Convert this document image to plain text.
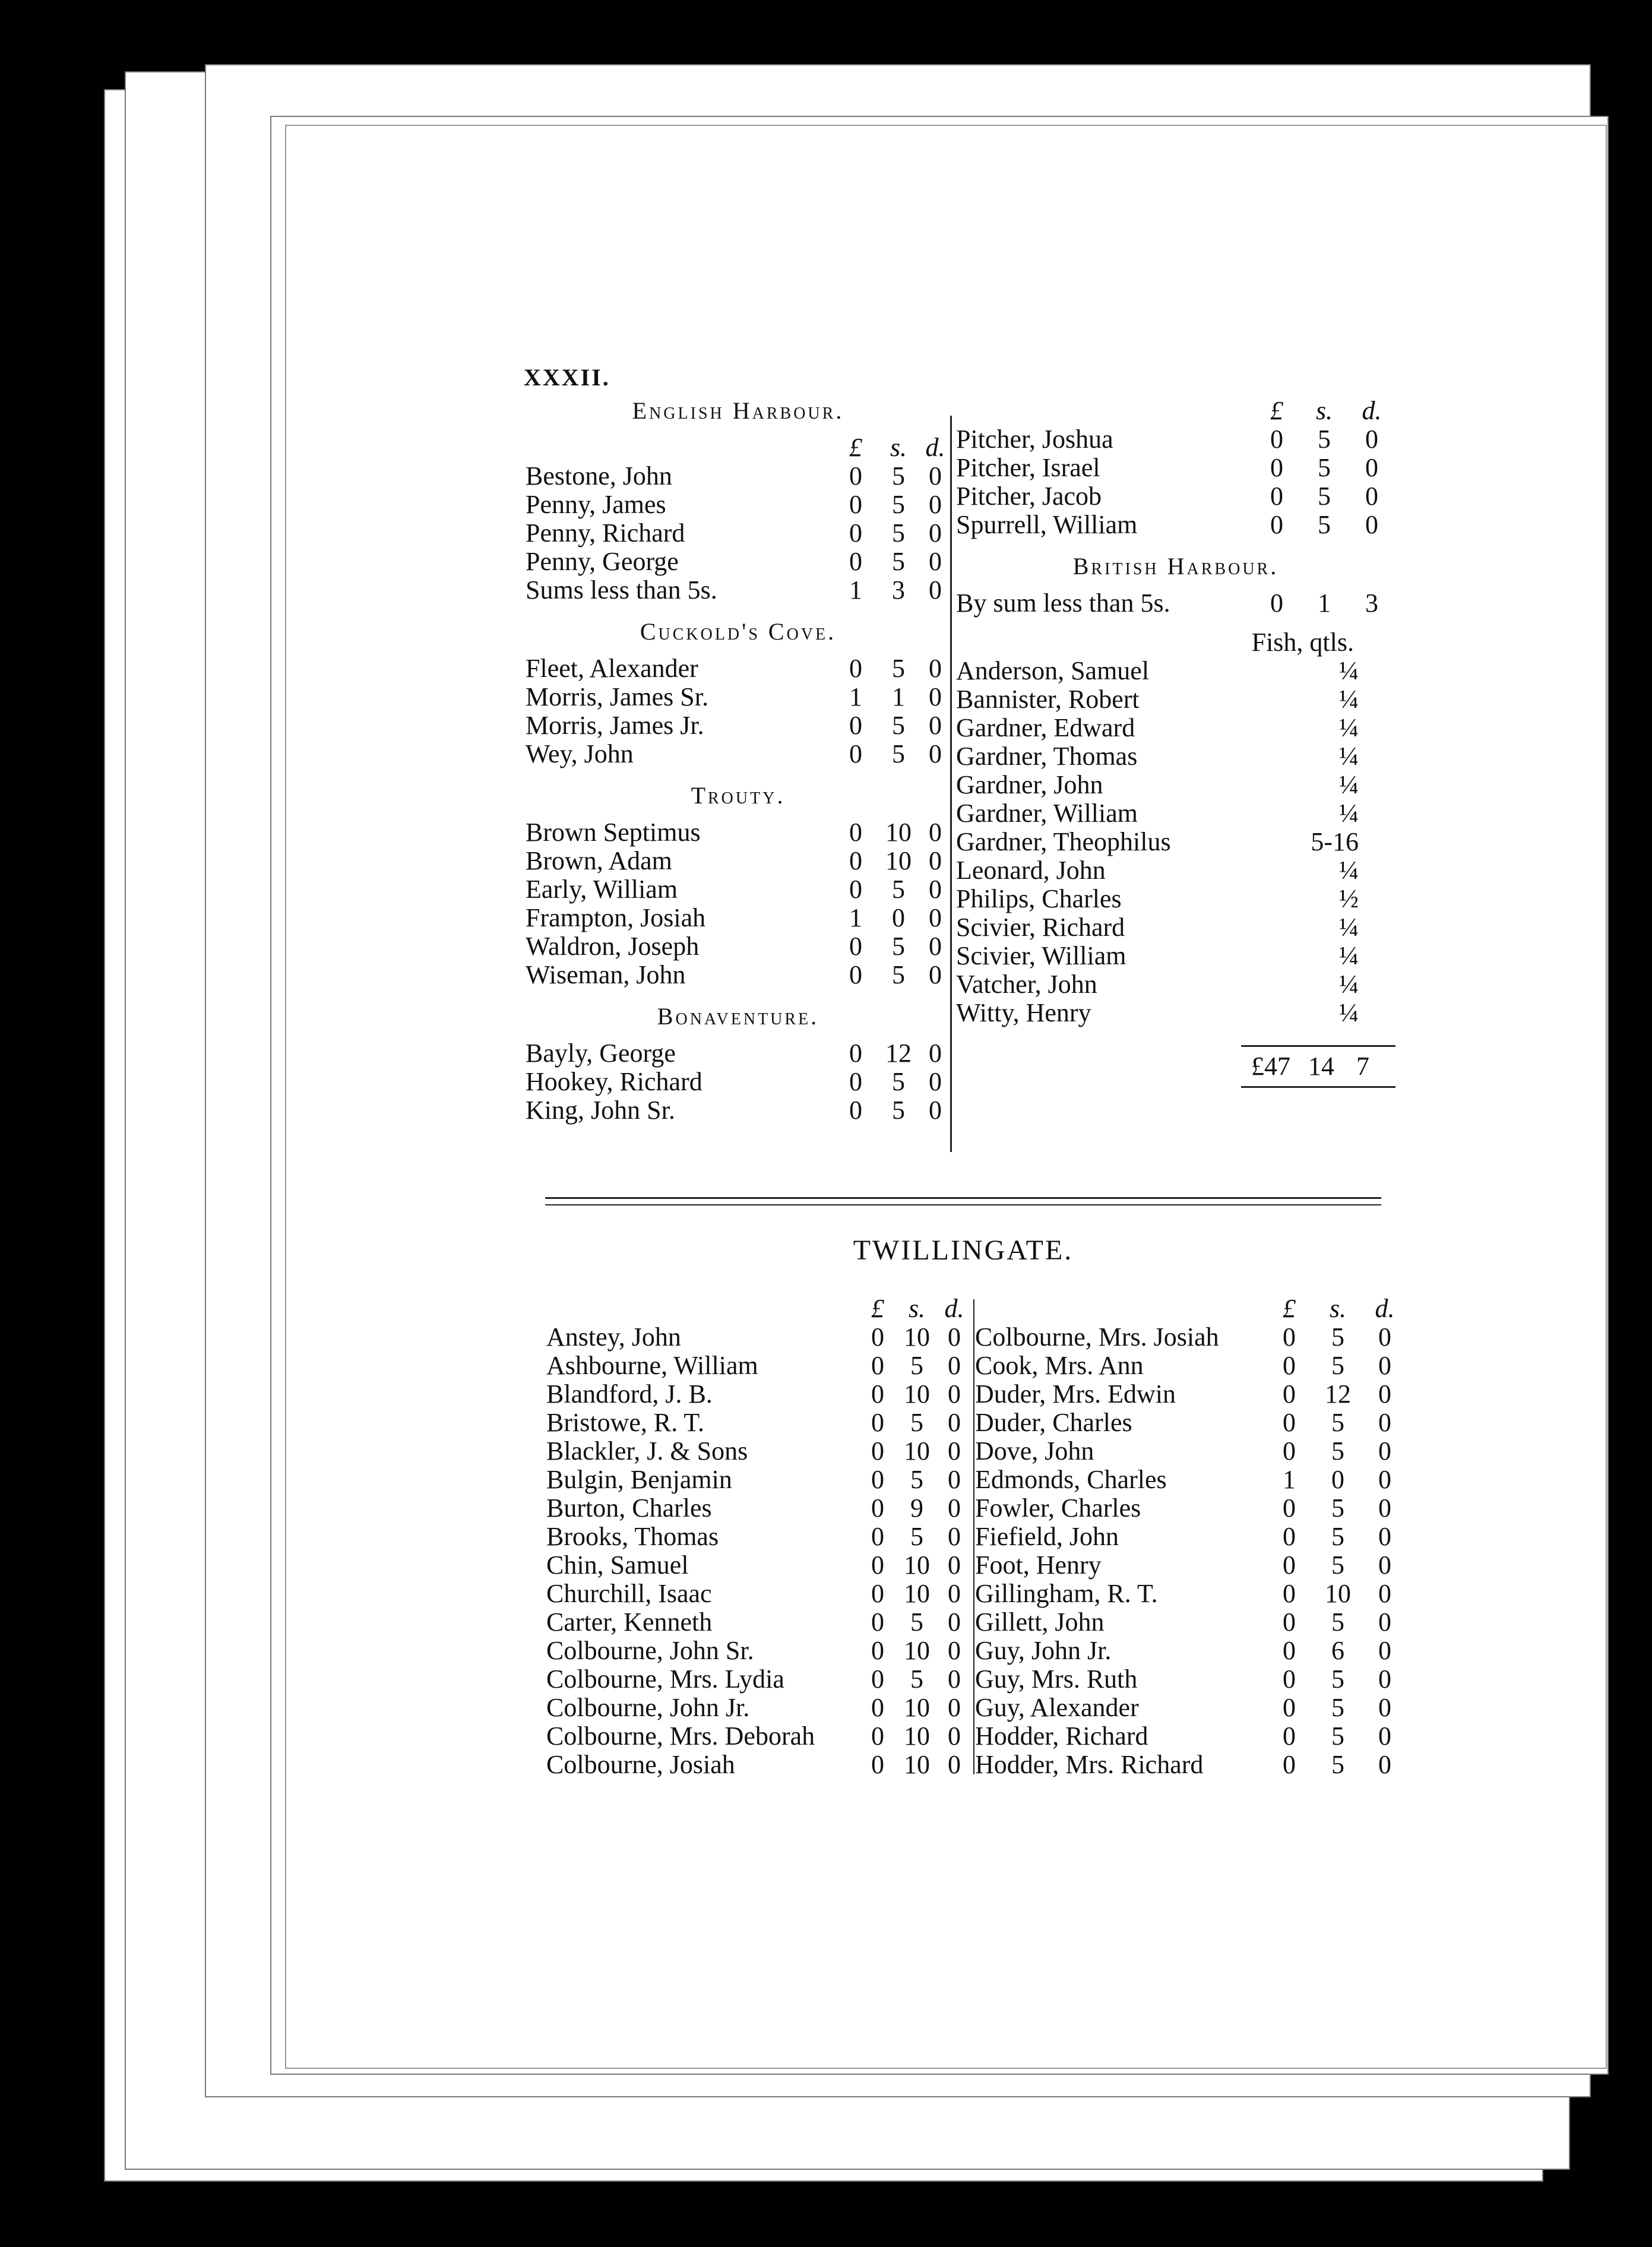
XXXII.
English Harbour.
£	s. d.
Bestone, John	0	5 0
Penny, James	0	5 0
Penny, Richard	0	5 0
Penny, George	0	5 0
Sums less than 5s.	1	3 0
Cuckold's Cove.
Fleet, Alexander	0	5 0
Morris, James Sr.	1	1 0
Morris, James Jr.	0	5 0
Wey, John	0	5 0
Trouty.
Brown Septimus	0 10 0
Brown, Adam	0 10 0
Early, William	0	5 0
Frampton, Josiah	1	0 0
Waldron, Joseph	0	5 0
Wiseman, John	0	5 0
Bonaventure.
Bayly, George	0 12 0
Hookey, Richard	0	5 0
King, John Sr.	0	5 0
£	s.	d.
Pitcher, Joshua	0	5	0
Pitcher, Israel	0	5	0
Pitcher, Jacob	0	5	0
Spurrell, William	0	5	0
British Harbour.
By sum less than 5s.	0	1	3
Fish, qtls.
Anderson, Samuel	¼
Bannister, Robert	¼
Gardner, Edward	¼
Gardner, Thomas	¼
Gardner, John	¼
Gardner, William	¼
Gardner, Theophilus	5-16
Leonard, John	¼
Philips, Charles	½
Scivier, Richard	¼
Scivier, William	¼
Vatcher, John	¼
Witty, Henry	¼
£47 14 7
TWILLINGATE.
£ s. d.
Anstey, John	0 10 0
Ashbourne, William	0	5 0
Blandford, J. B.	0 10 0
Bristowe, R. T.	0	5 0
Blackler, J. & Sons	0 10 0
Bulgin, Benjamin	0	5 0
Burton, Charles	0	9 0
Brooks, Thomas	0	5 0
Chin, Samuel	0 10 0
Churchill, Isaac	0 10 0
Carter, Kenneth	0	5 0
Colbourne, John Sr.	0 10 0
Colbourne, Mrs. Lydia	0	5 0
Colbourne, John Jr.	0 10 0
Colbourne, Mrs. Deborah	0 10 0
Colbourne, Josiah	0 10 0
£	s.	d.
Colbourne, Mrs. Josiah	0	5	0
Cook, Mrs. Ann	0	5	0
Duder, Mrs. Edwin	0	12	0
Duder, Charles	0	5	0
Dove, John	0	5	0
Edmonds, Charles	1	0	0
Fowler, Charles	0	5	0
Fiefield, John	0	5	0
Foot, Henry	0	5	0
Gillingham, R. T.	0	10	0
Gillett, John	0	5	0
Guy, John Jr.	0	6	0
Guy, Mrs. Ruth	0	5	0
Guy, Alexander	0	5	0
Hodder, Richard	0	5	0
Hodder, Mrs. Richard	0	5	0
